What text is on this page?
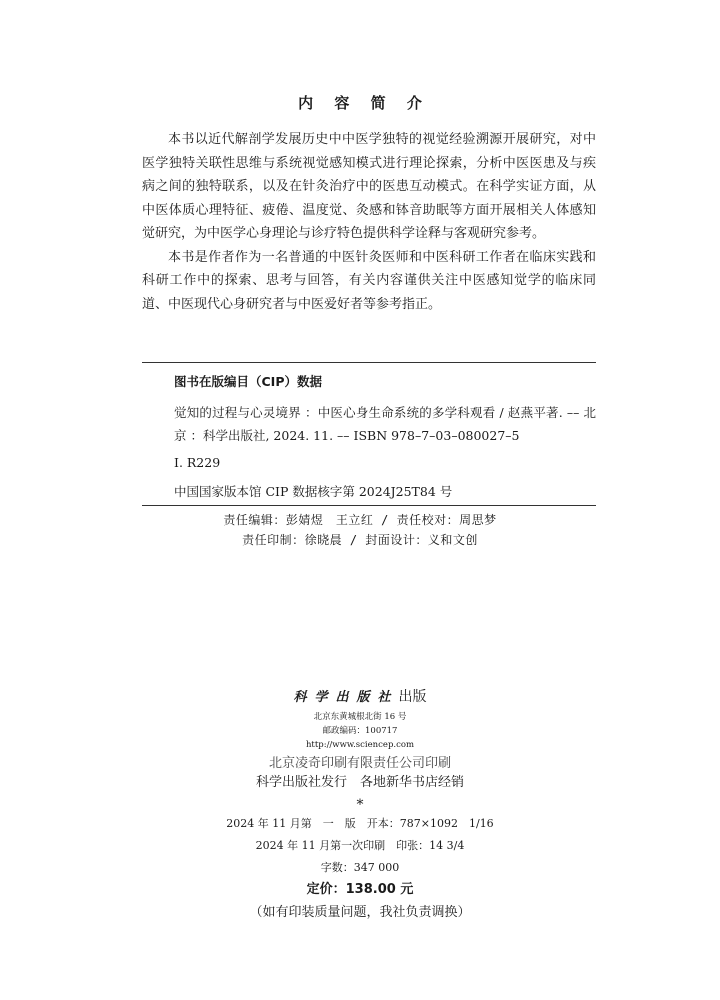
内 容 简 介

本书以近代解剖学发展历史中中医学独特的视觉经验溯源开展研究，对中医学独特关联性思维与系统视觉感知模式进行理论探索，分析中医医患及与疾病之间的独特联系，以及在针灸治疗中的医患互动模式。在科学实证方面，从中医体质心理特征、疲倦、温度觉、灸感和钵音助眠等方面开展相关人体感知觉研究，为中医学心身理论与诊疗特色提供科学诠释与客观研究参考。

本书是作者作为一名普通的中医针灸医师和中医科研工作者在临床实践和科研工作中的探索、思考与回答，有关内容谨供关注中医感知觉学的临床同道、中医现代心身研究者与中医爱好者等参考指正。

图书在版编目（CIP）数据
觉知的过程与心灵境界 ：中医心身生命系统的多学科观看 / 赵燕平著. –– 北京 ：科学出版社, 2024. 11. –– ISBN 978–7–03–080027–5
Ⅰ. R229
中国国家版本馆 CIP 数据核字第 2024J25T84 号
责任编辑：彭婧煜　王立红 / 责任校对：周思梦
责任印制：徐晓晨 / 封面设计：义和文创
科学出版社出版
北京东黄城根北街 16 号
邮政编码：100717
http://www.sciencep.com
北京凌奇印刷有限责任公司印刷
科学出版社发行　各地新华书店经销
*
2024 年 11 月第　一　版　开本：787×1092　1/16
2024 年 11 月第一次印刷　印张：14 3/4
字数：347 000
定价：138.00 元
（如有印装质量问题，我社负责调换）
